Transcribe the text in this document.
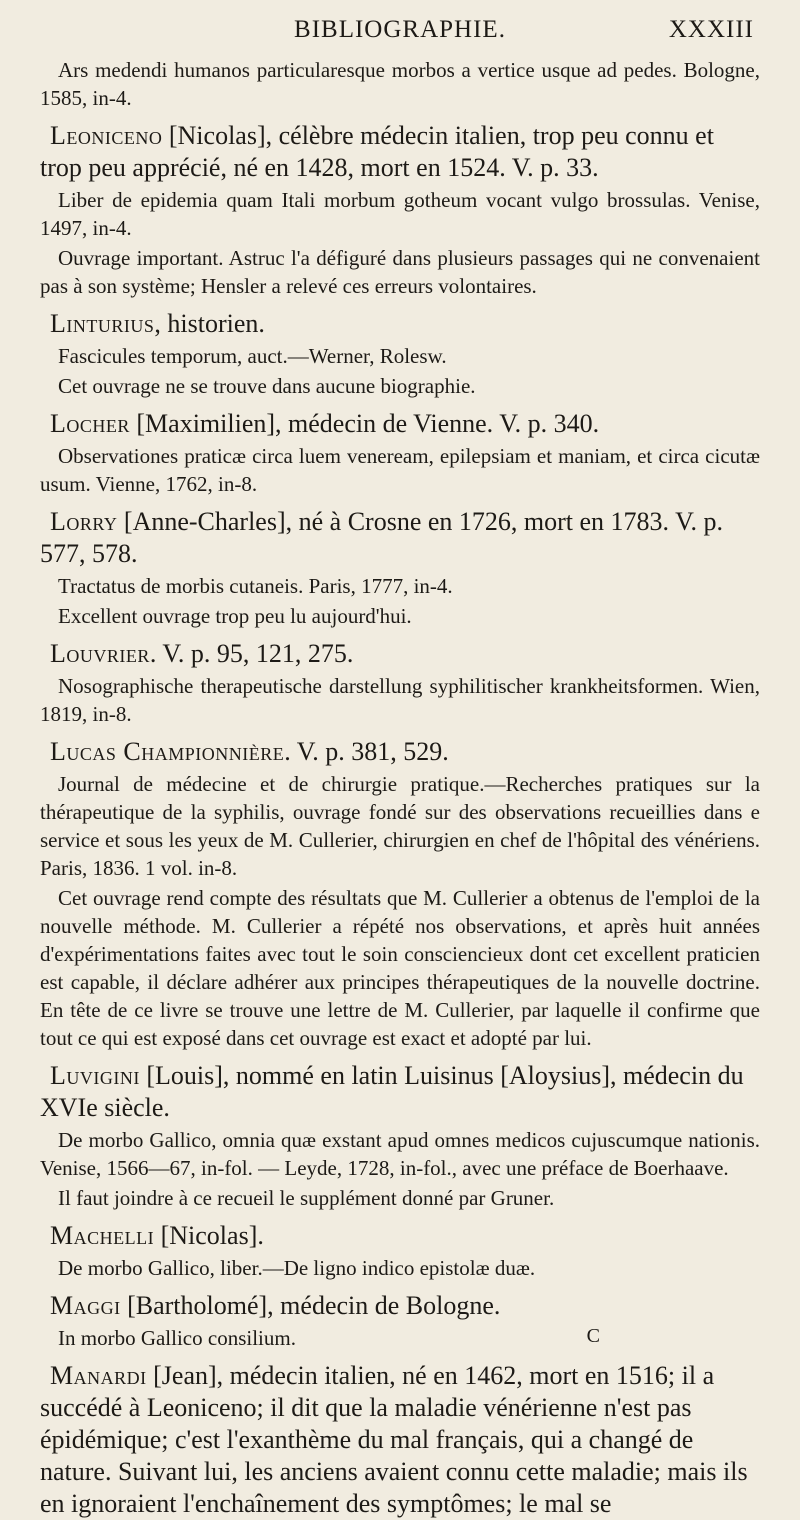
BIBLIOGRAPHIE.	XXXIII

Ars medendi humanos particularesque morbos a vertice usque ad pedes. Bologne, 1585, in-4.

Leoniceno [Nicolas], célèbre médecin italien, trop peu connu et trop peu apprécié, né en 1428, mort en 1524. V. p. 33.

Liber de epidemia quam Itali morbum gotheum vocant vulgo brossulas. Venise, 1497, in-4.

Ouvrage important. Astruc l'a défiguré dans plusieurs passages qui ne convenaient pas à son système; Hensler a relevé ces erreurs volontaires.

Linturius, historien.

Fascicules temporum, auct.—Werner, Rolesw.

Cet ouvrage ne se trouve dans aucune biographie.

Locher [Maximilien], médecin de Vienne. V. p. 340.

Observationes praticæ circa luem veneream, epilepsiam et maniam, et circa cicutæ usum. Vienne, 1762, in-8.

Lorry [Anne-Charles], né à Crosne en 1726, mort en 1783. V. p. 577, 578.

Tractatus de morbis cutaneis. Paris, 1777, in-4.

Excellent ouvrage trop peu lu aujourd'hui.

Louvrier. V. p. 95, 121, 275.

Nosographische therapeutische darstellung syphilitischer krankheitsformen. Wien, 1819, in-8.

Lucas Championnière. V. p. 381, 529.

Journal de médecine et de chirurgie pratique.—Recherches pratiques sur la thérapeutique de la syphilis, ouvrage fondé sur des observations recueillies dans e service et sous les yeux de M. Cullerier, chirurgien en chef de l'hôpital des vénériens. Paris, 1836. 1 vol. in-8.

Cet ouvrage rend compte des résultats que M. Cullerier a obtenus de l'emploi de la nouvelle méthode. M. Cullerier a répété nos observations, et après huit années d'expérimentations faites avec tout le soin consciencieux dont cet excellent praticien est capable, il déclare adhérer aux principes thérapeutiques de la nouvelle doctrine. En tête de ce livre se trouve une lettre de M. Cullerier, par laquelle il confirme que tout ce qui est exposé dans cet ouvrage est exact et adopté par lui.

Luvigini [Louis], nommé en latin Luisinus [Aloysius], médecin du XVIe siècle.

De morbo Gallico, omnia quæ exstant apud omnes medicos cujuscumque nationis. Venise, 1566—67, in-fol. — Leyde, 1728, in-fol., avec une préface de Boerhaave.

Il faut joindre à ce recueil le supplément donné par Gruner.

Machelli [Nicolas].

De morbo Gallico, liber.—De ligno indico epistolæ duæ.

Maggi [Bartholomé], médecin de Bologne.

In morbo Gallico consilium.

Manardi [Jean], médecin italien, né en 1462, mort en 1516; il a succédé à Leoniceno; il dit que la maladie vénérienne n'est pas épidémique; c'est l'exanthème du mal français, qui a changé de nature. Suivant lui, les anciens avaient connu cette maladie; mais ils en ignoraient l'enchaînement des symptômes; le mal se

C
